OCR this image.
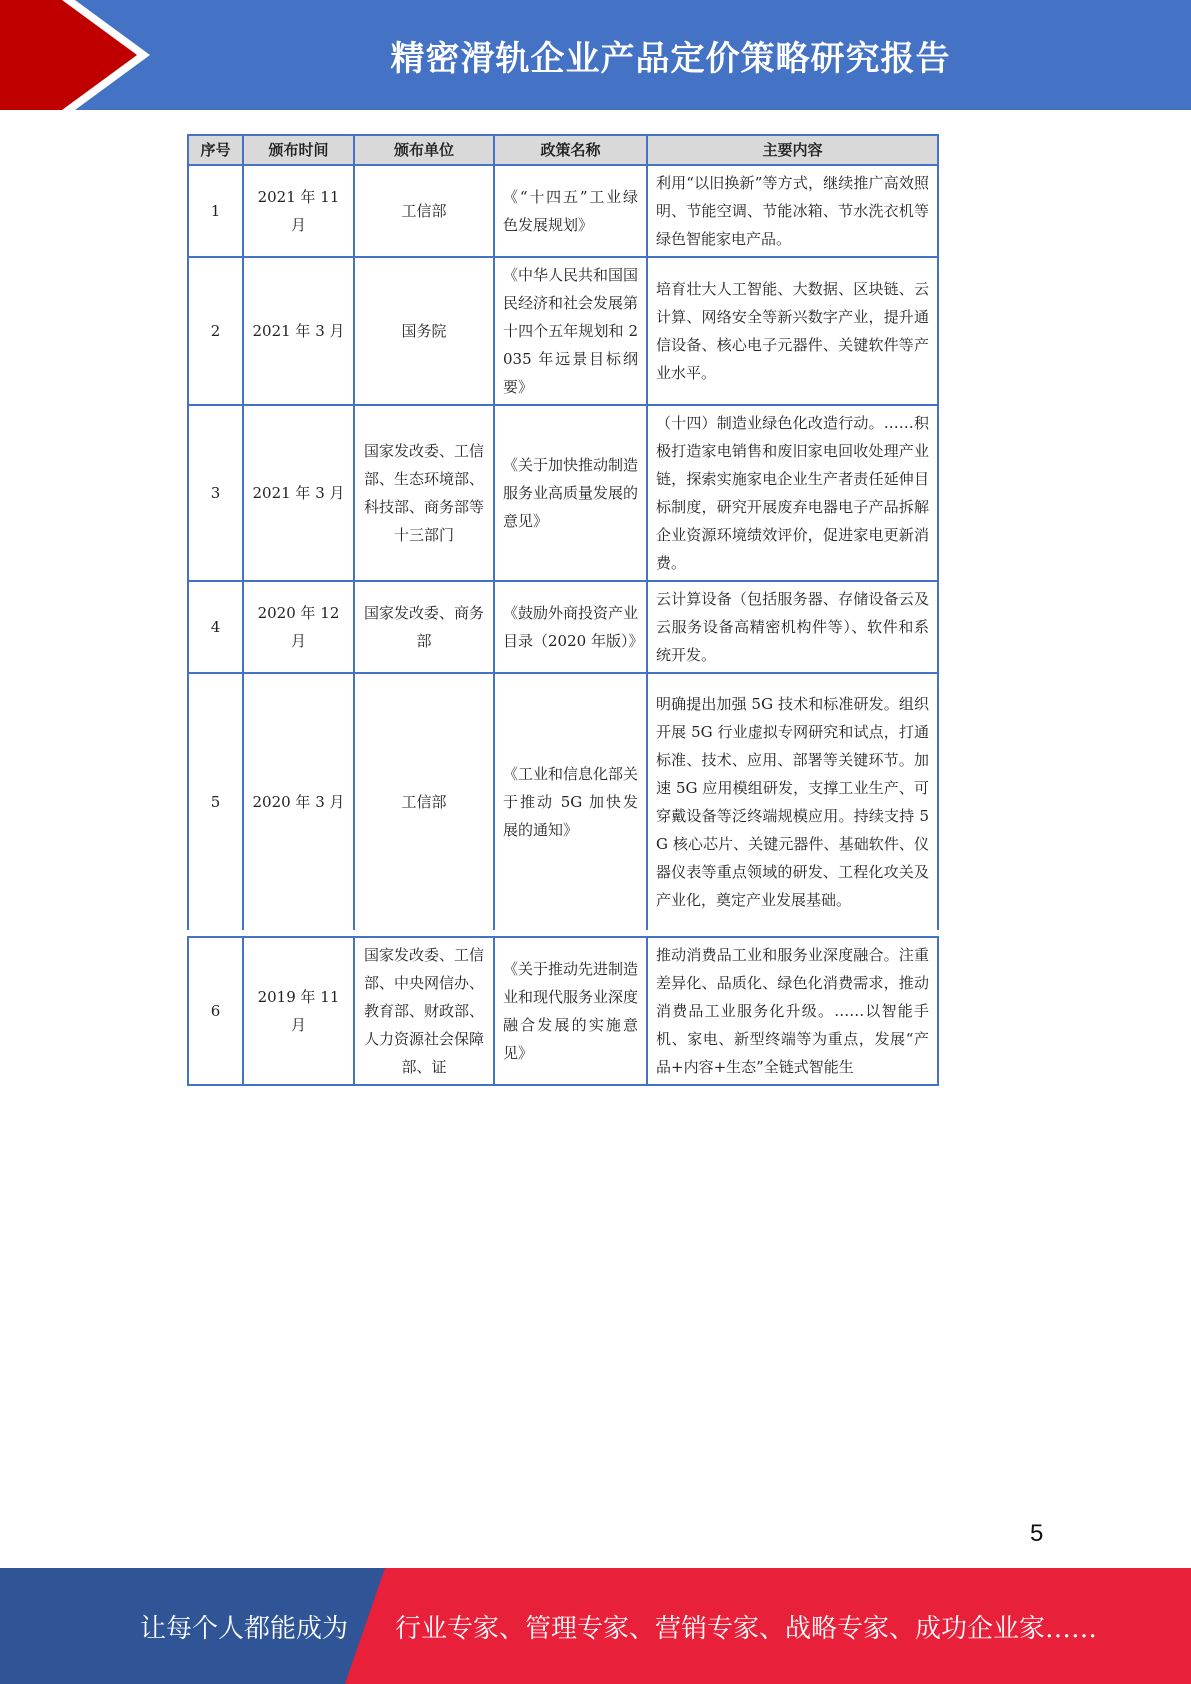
精密滑轨企业产品定价策略研究报告
序号	颁布时间	颁布单位	政策名称	主要内容
1	2021 年 11 月	工信部	《“十四五”工业绿色发展规划》	利用“以旧换新”等方式，继续推广高效照明、节能空调、节能冰箱、节水洗衣机等绿色智能家电产品。
2	2021 年 3 月	国务院	《中华人民共和国国民经济和社会发展第十四个五年规划和 2035 年远景目标纲要》	培育壮大人工智能、大数据、区块链、云计算、网络安全等新兴数字产业，提升通信设备、核心电子元器件、关键软件等产业水平。
3	2021 年 3 月	国家发改委、工信部、生态环境部、科技部、商务部等十三部门	《关于加快推动制造服务业高质量发展的意见》	（十四）制造业绿色化改造行动。……积极打造家电销售和废旧家电回收处理产业链，探索实施家电企业生产者责任延伸目标制度，研究开展废弃电器电子产品拆解企业资源环境绩效评价，促进家电更新消费。
4	2020 年 12 月	国家发改委、商务部	《鼓励外商投资产业目录（2020 年版）》	云计算设备（包括服务器、存储设备云及云服务设备高精密机构件等）、软件和系统开发。
5	2020 年 3 月	工信部	《工业和信息化部关于推动 5G 加快发展的通知》	明确提出加强 5G 技术和标准研发。组织开展 5G 行业虚拟专网研究和试点，打通标准、技术、应用、部署等关键环节。加速 5G 应用模组研发，支撑工业生产、可穿戴设备等泛终端规模应用。持续支持 5G 核心芯片、关键元器件、基础软件、仪器仪表等重点领域的研发、工程化攻关及产业化，奠定产业发展基础。
6	2019 年 11 月	国家发改委、工信部、中央网信办、教育部、财政部、人力资源社会保障部、证	《关于推动先进制造业和现代服务业深度融合发展的实施意见》	推动消费品工业和服务业深度融合。注重差异化、品质化、绿色化消费需求，推动消费品工业服务化升级。……以智能手机、家电、新型终端等为重点，发展“产品+内容+生态”全链式智能生
5
让每个人都能成为 行业专家、管理专家、营销专家、战略专家、成功企业家……
